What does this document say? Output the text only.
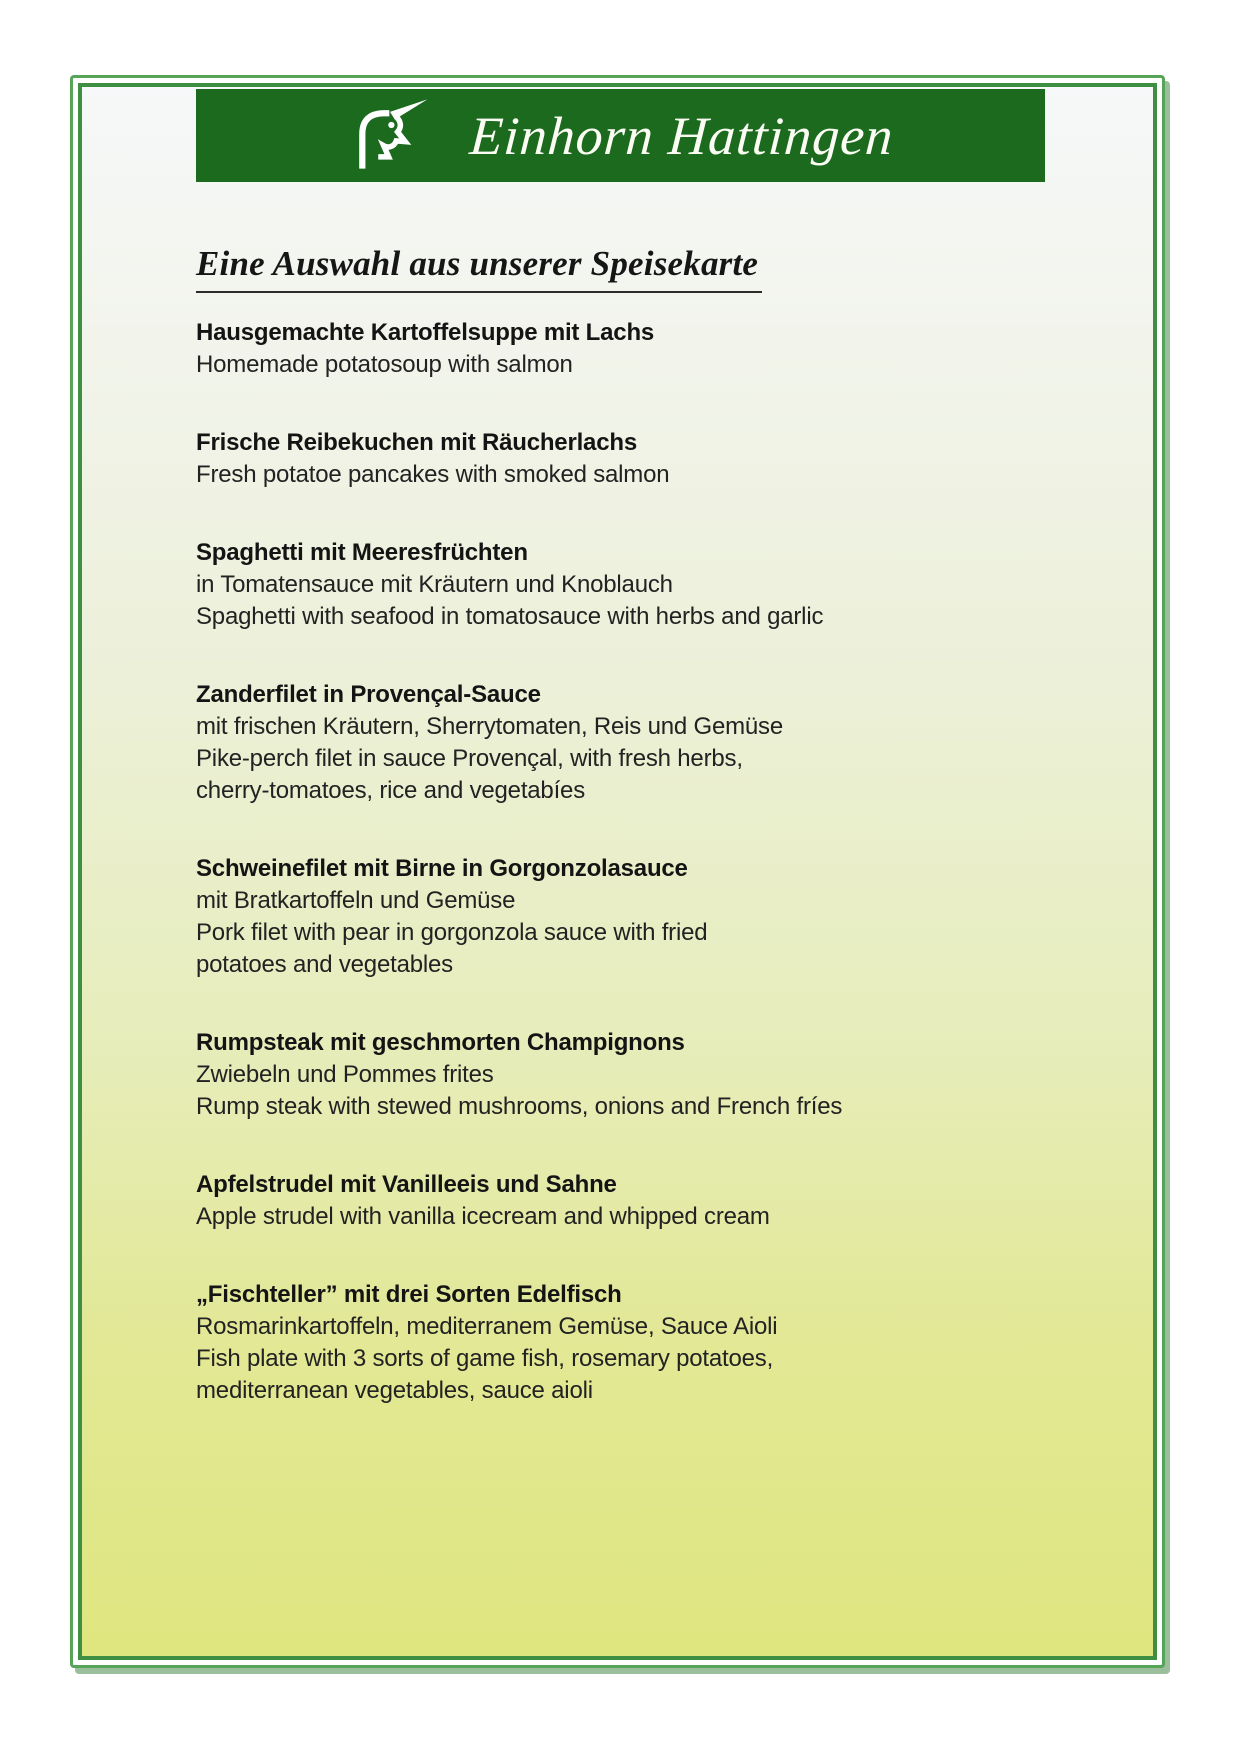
Einhorn Hattingen
Eine Auswahl aus unserer Speisekarte
Hausgemachte Kartoffelsuppe mit Lachs
Homemade potatosoup with salmon
Frische Reibekuchen mit Räucherlachs
Fresh potatoe pancakes with smoked salmon
Spaghetti mit Meeresfrüchten
in Tomatensauce mit Kräutern und Knoblauch
Spaghetti with seafood in tomatosauce with herbs and garlic
Zanderfilet in Provençal-Sauce
mit frischen Kräutern, Sherrytomaten, Reis und Gemüse
Pike-perch filet in sauce Provençal, with fresh herbs,
cherry-tomatoes, rice and vegetabíes
Schweinefilet mit Birne in Gorgonzolasauce
mit Bratkartoffeln und Gemüse
Pork filet with pear in gorgonzola sauce with fried
potatoes and vegetables
Rumpsteak mit geschmorten Champignons
Zwiebeln und Pommes frites
Rump steak with stewed mushrooms, onions and French fríes
Apfelstrudel mit Vanilleeis und Sahne
Apple strudel with vanilla icecream and whipped cream
„Fischteller” mit drei Sorten Edelfisch
Rosmarinkartoffeln, mediterranem Gemüse, Sauce Aioli
Fish plate with 3 sorts of game fish, rosemary potatoes,
mediterranean vegetables, sauce aioli
